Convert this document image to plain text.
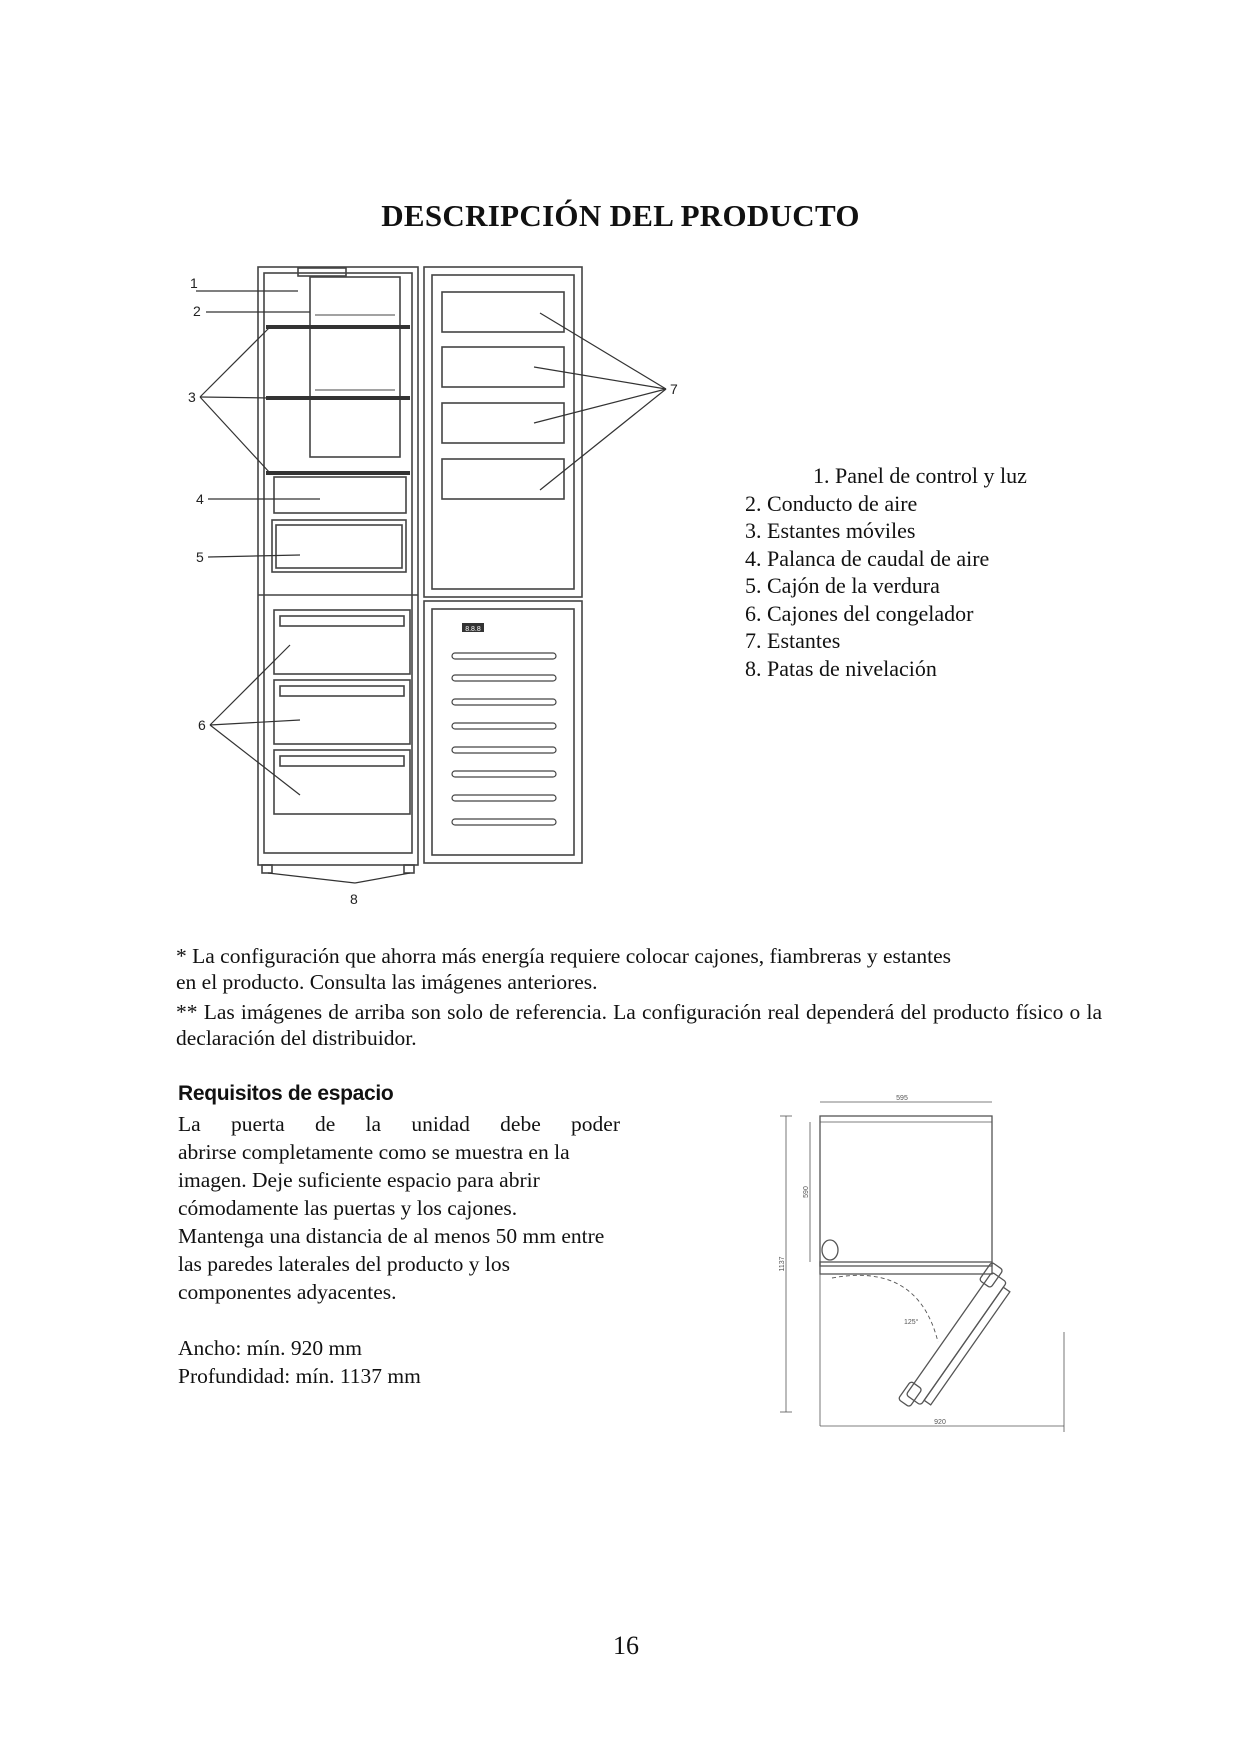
DESCRIPCIÓN DEL PRODUCTO
8.8.8
1
2
3
4
5
6
7
8
1. Panel de control y luz
2. Conducto de aire
3. Estantes móviles
4. Palanca de caudal de aire
5. Cajón de la verdura
6. Cajones del congelador
7. Estantes
8. Patas de nivelación

* La configuración que ahorra más energía requiere colocar cajones, fiambreras y estantes

en el producto. Consulta las imágenes anteriores.

** Las imágenes de arriba son solo de referencia. La configuración real dependerá del producto físico o la declaración del distribuidor.

Requisitos de espacio
La puerta de la unidad debe poder
abrirse completamente como se muestra en la
imagen. Deje suficiente espacio para abrir
cómodamente las puertas y los cajones.
Mantenga una distancia de al menos 50 mm entre
las paredes laterales del producto y los
componentes adyacentes.
Ancho: mín. 920 mm
Profundidad: mín. 1137 mm
595
1137
590
125°
920
16
